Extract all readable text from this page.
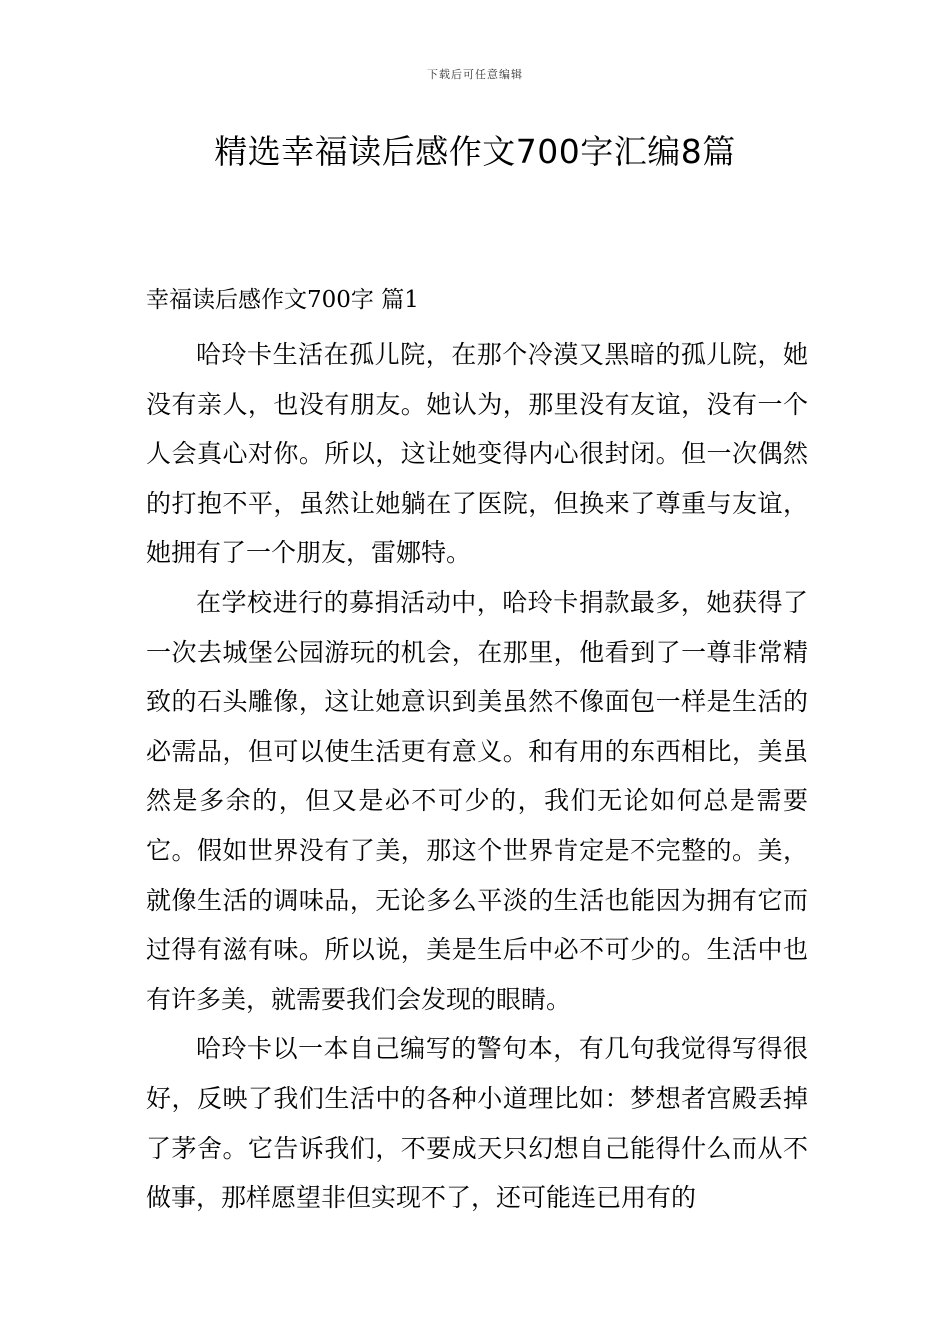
下载后可任意编辑
精选幸福读后感作文700字汇编8篇
幸福读后感作文700字 篇1

哈玲卡生活在孤儿院，在那个冷漠又黑暗的孤儿院，她没有亲人，也没有朋友。她认为，那里没有友谊，没有一个人会真心对你。所以，这让她变得内心很封闭。但一次偶然的打抱不平，虽然让她躺在了医院，但换来了尊重与友谊，她拥有了一个朋友，雷娜特。

在学校进行的募捐活动中，哈玲卡捐款最多，她获得了一次去城堡公园游玩的机会，在那里，他看到了一尊非常精致的石头雕像，这让她意识到美虽然不像面包一样是生活的必需品，但可以使生活更有意义。和有用的东西相比，美虽然是多余的，但又是必不可少的，我们无论如何总是需要它。假如世界没有了美，那这个世界肯定是不完整的。美，就像生活的调味品，无论多么平淡的生活也能因为拥有它而过得有滋有味。所以说，美是生后中必不可少的。生活中也有许多美，就需要我们会发现的眼睛。

哈玲卡以一本自己编写的警句本，有几句我觉得写得很好，反映了我们生活中的各种小道理比如：梦想者宫殿丢掉了茅舍。它告诉我们，不要成天只幻想自己能得什么而从不做事，那样愿望非但实现不了，还可能连已用有的
